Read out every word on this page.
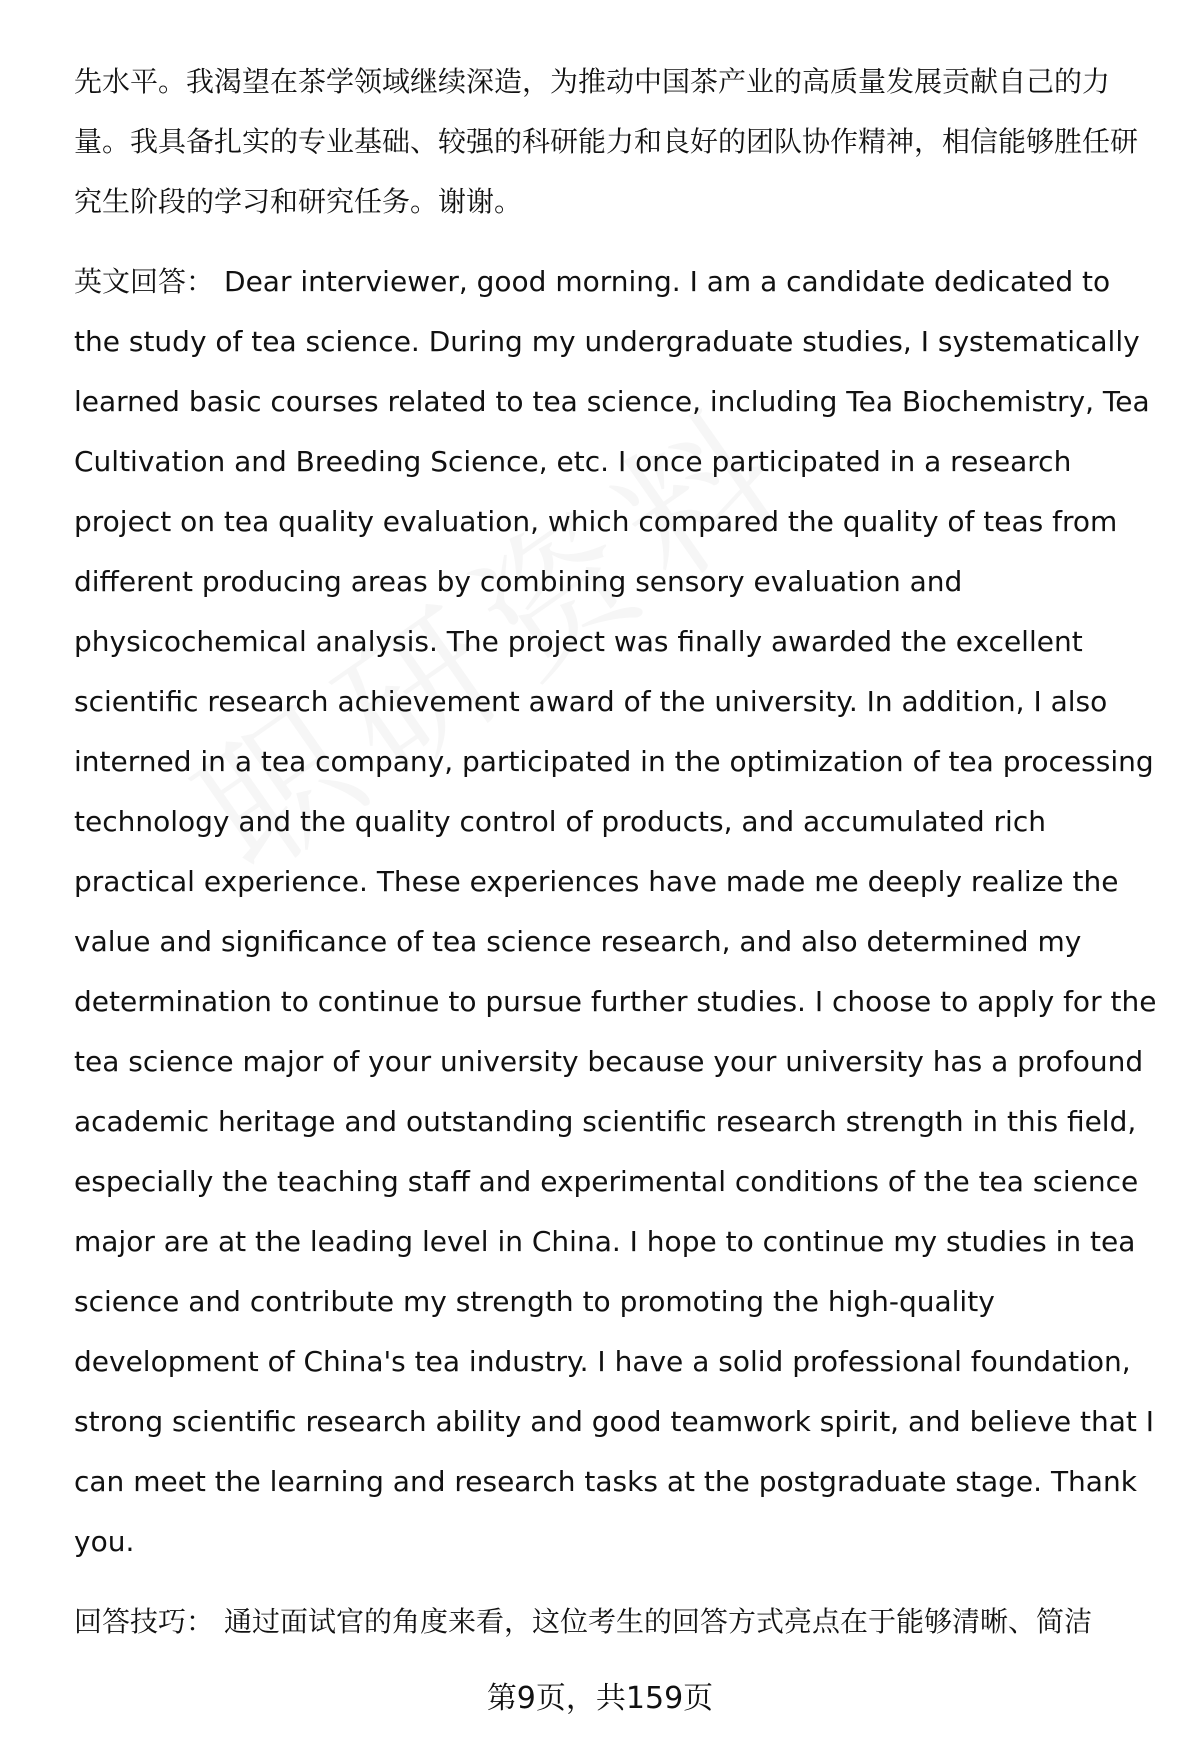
先水平。我渴望在茶学领域继续深造，为推动中国茶产业的高质量发展贡献自己的力量。我具备扎实的专业基础、较强的科研能力和良好的团队协作精神，相信能够胜任研究生阶段的学习和研究任务。谢谢。

英文回答： Dear interviewer, good morning. I am a candidate dedicated to the study of tea science. During my undergraduate studies, I systematically learned basic courses related to tea science, including Tea Biochemistry, Tea Cultivation and Breeding Science, etc. I once participated in a research project on tea quality evaluation, which compared the quality of teas from different producing areas by combining sensory evaluation and physicochemical analysis. The project was finally awarded the excellent scientific research achievement award of the university. In addition, I also interned in a tea company, participated in the optimization of tea processing technology and the quality control of products, and accumulated rich practical experience. These experiences have made me deeply realize the value and significance of tea science research, and also determined my determination to continue to pursue further studies. I choose to apply for the tea science major of your university because your university has a profound academic heritage and outstanding scientific research strength in this field, especially the teaching staff and experimental conditions of the tea science major are at the leading level in China. I hope to continue my studies in tea science and contribute my strength to promoting the high-quality development of China's tea industry. I have a solid professional foundation, strong scientific research ability and good teamwork spirit, and believe that I can meet the learning and research tasks at the postgraduate stage. Thank you.

回答技巧： 通过面试官的角度来看，这位考生的回答方式亮点在于能够清晰、简洁

第9页，共159页
